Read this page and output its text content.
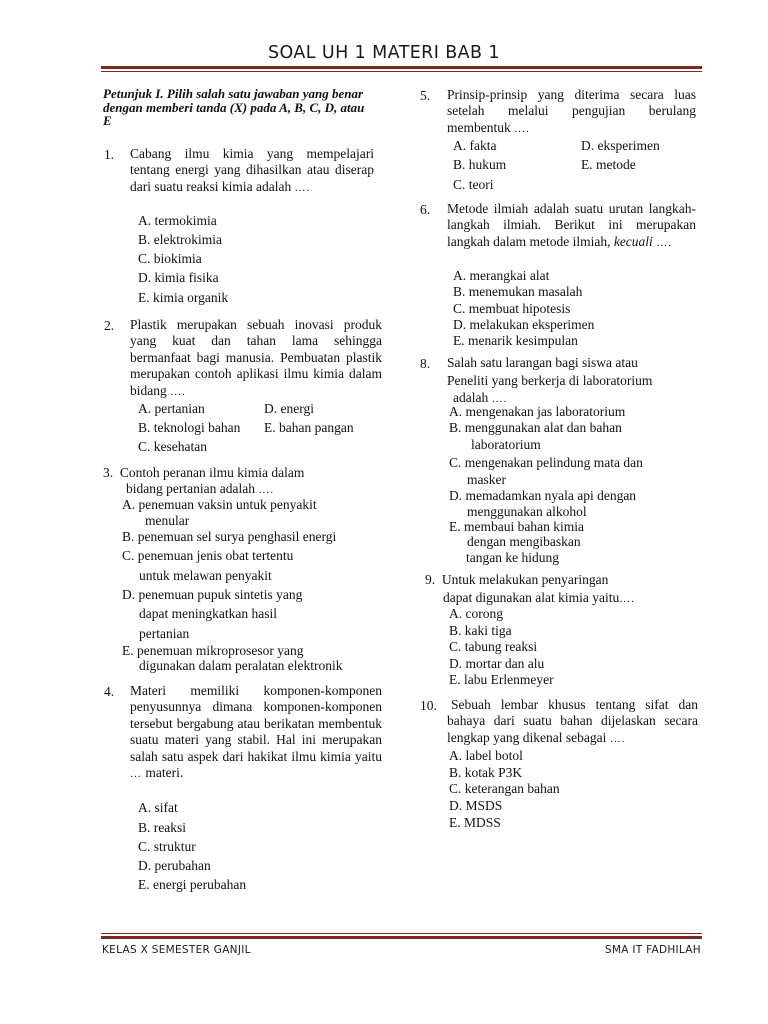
SOAL UH 1 MATERI BAB 1
Petunjuk I. Pilih salah satu jawaban yang benar dengan memberi tanda (X) pada A, B, C, D, atau E
1. Cabang ilmu kimia yang mempelajari tentang energi yang dihasilkan atau diserap dari suatu reaksi kimia adalah ….
A. termokimia
B. elektrokimia
C. biokimia
D. kimia fisika
E. kimia organik
2. Plastik merupakan sebuah inovasi produk yang kuat dan tahan lama sehingga bermanfaat bagi manusia. Pembuatan plastik merupakan contoh aplikasi ilmu kimia dalam bidang ….
A. pertanian	D. energi
B. teknologi bahan E. bahan pangan
C. kesehatan
3. Contoh peranan ilmu kimia dalam
bidang pertanian adalah ….
A. penemuan vaksin untuk penyakit
menular
B. penemuan sel surya penghasil energi
C. penemuan jenis obat tertentu
untuk melawan penyakit
D. penemuan pupuk sintetis yang
dapat meningkatkan hasil
pertanian
E. penemuan mikroprosesor yang
digunakan dalam peralatan elektronik
4. Materi memiliki komponen-komponen penyusunnya dimana komponen-komponen tersebut bergabung atau berikatan membentuk suatu materi yang stabil. Hal ini merupakan salah satu aspek dari hakikat ilmu kimia yaitu … materi.
A. sifat
B. reaksi
C. struktur
D. perubahan
E. energi perubahan
5. Prinsip-prinsip yang diterima secara luas setelah melalui pengujian berulang membentuk ….
A. fakta	D. eksperimen
B. hukum	E. metode
C. teori
6. Metode ilmiah adalah suatu urutan langkah- langkah ilmiah. Berikut ini merupakan langkah dalam metode ilmiah, kecuali ….
A. merangkai alat
B. menemukan masalah
C. membuat hipotesis
D. melakukan eksperimen
E. menarik kesimpulan
8. Salah satu larangan bagi siswa atau
Peneliti yang berkerja di laboratorium
adalah ….
A. mengenakan jas laboratorium
B. menggunakan alat dan bahan
laboratorium
C. mengenakan pelindung mata dan
masker
D. memadamkan nyala api dengan
menggunakan alkohol
E. membaui bahan kimia
dengan mengibaskan
tangan ke hidung
9. Untuk melakukan penyaringan
dapat digunakan alat kimia yaitu….
A. corong
B. kaki tiga
C. tabung reaksi
D. mortar dan alu
E. labu Erlenmeyer
10. Sebuah lembar khusus tentang sifat dan bahaya dari suatu bahan dijelaskan secara lengkap yang dikenal sebagai ….
A. label botol
B. kotak P3K
C. keterangan bahan
D. MSDS
E. MDSS
KELAS X SEMESTER GANJIL	SMA IT FADHILAH
